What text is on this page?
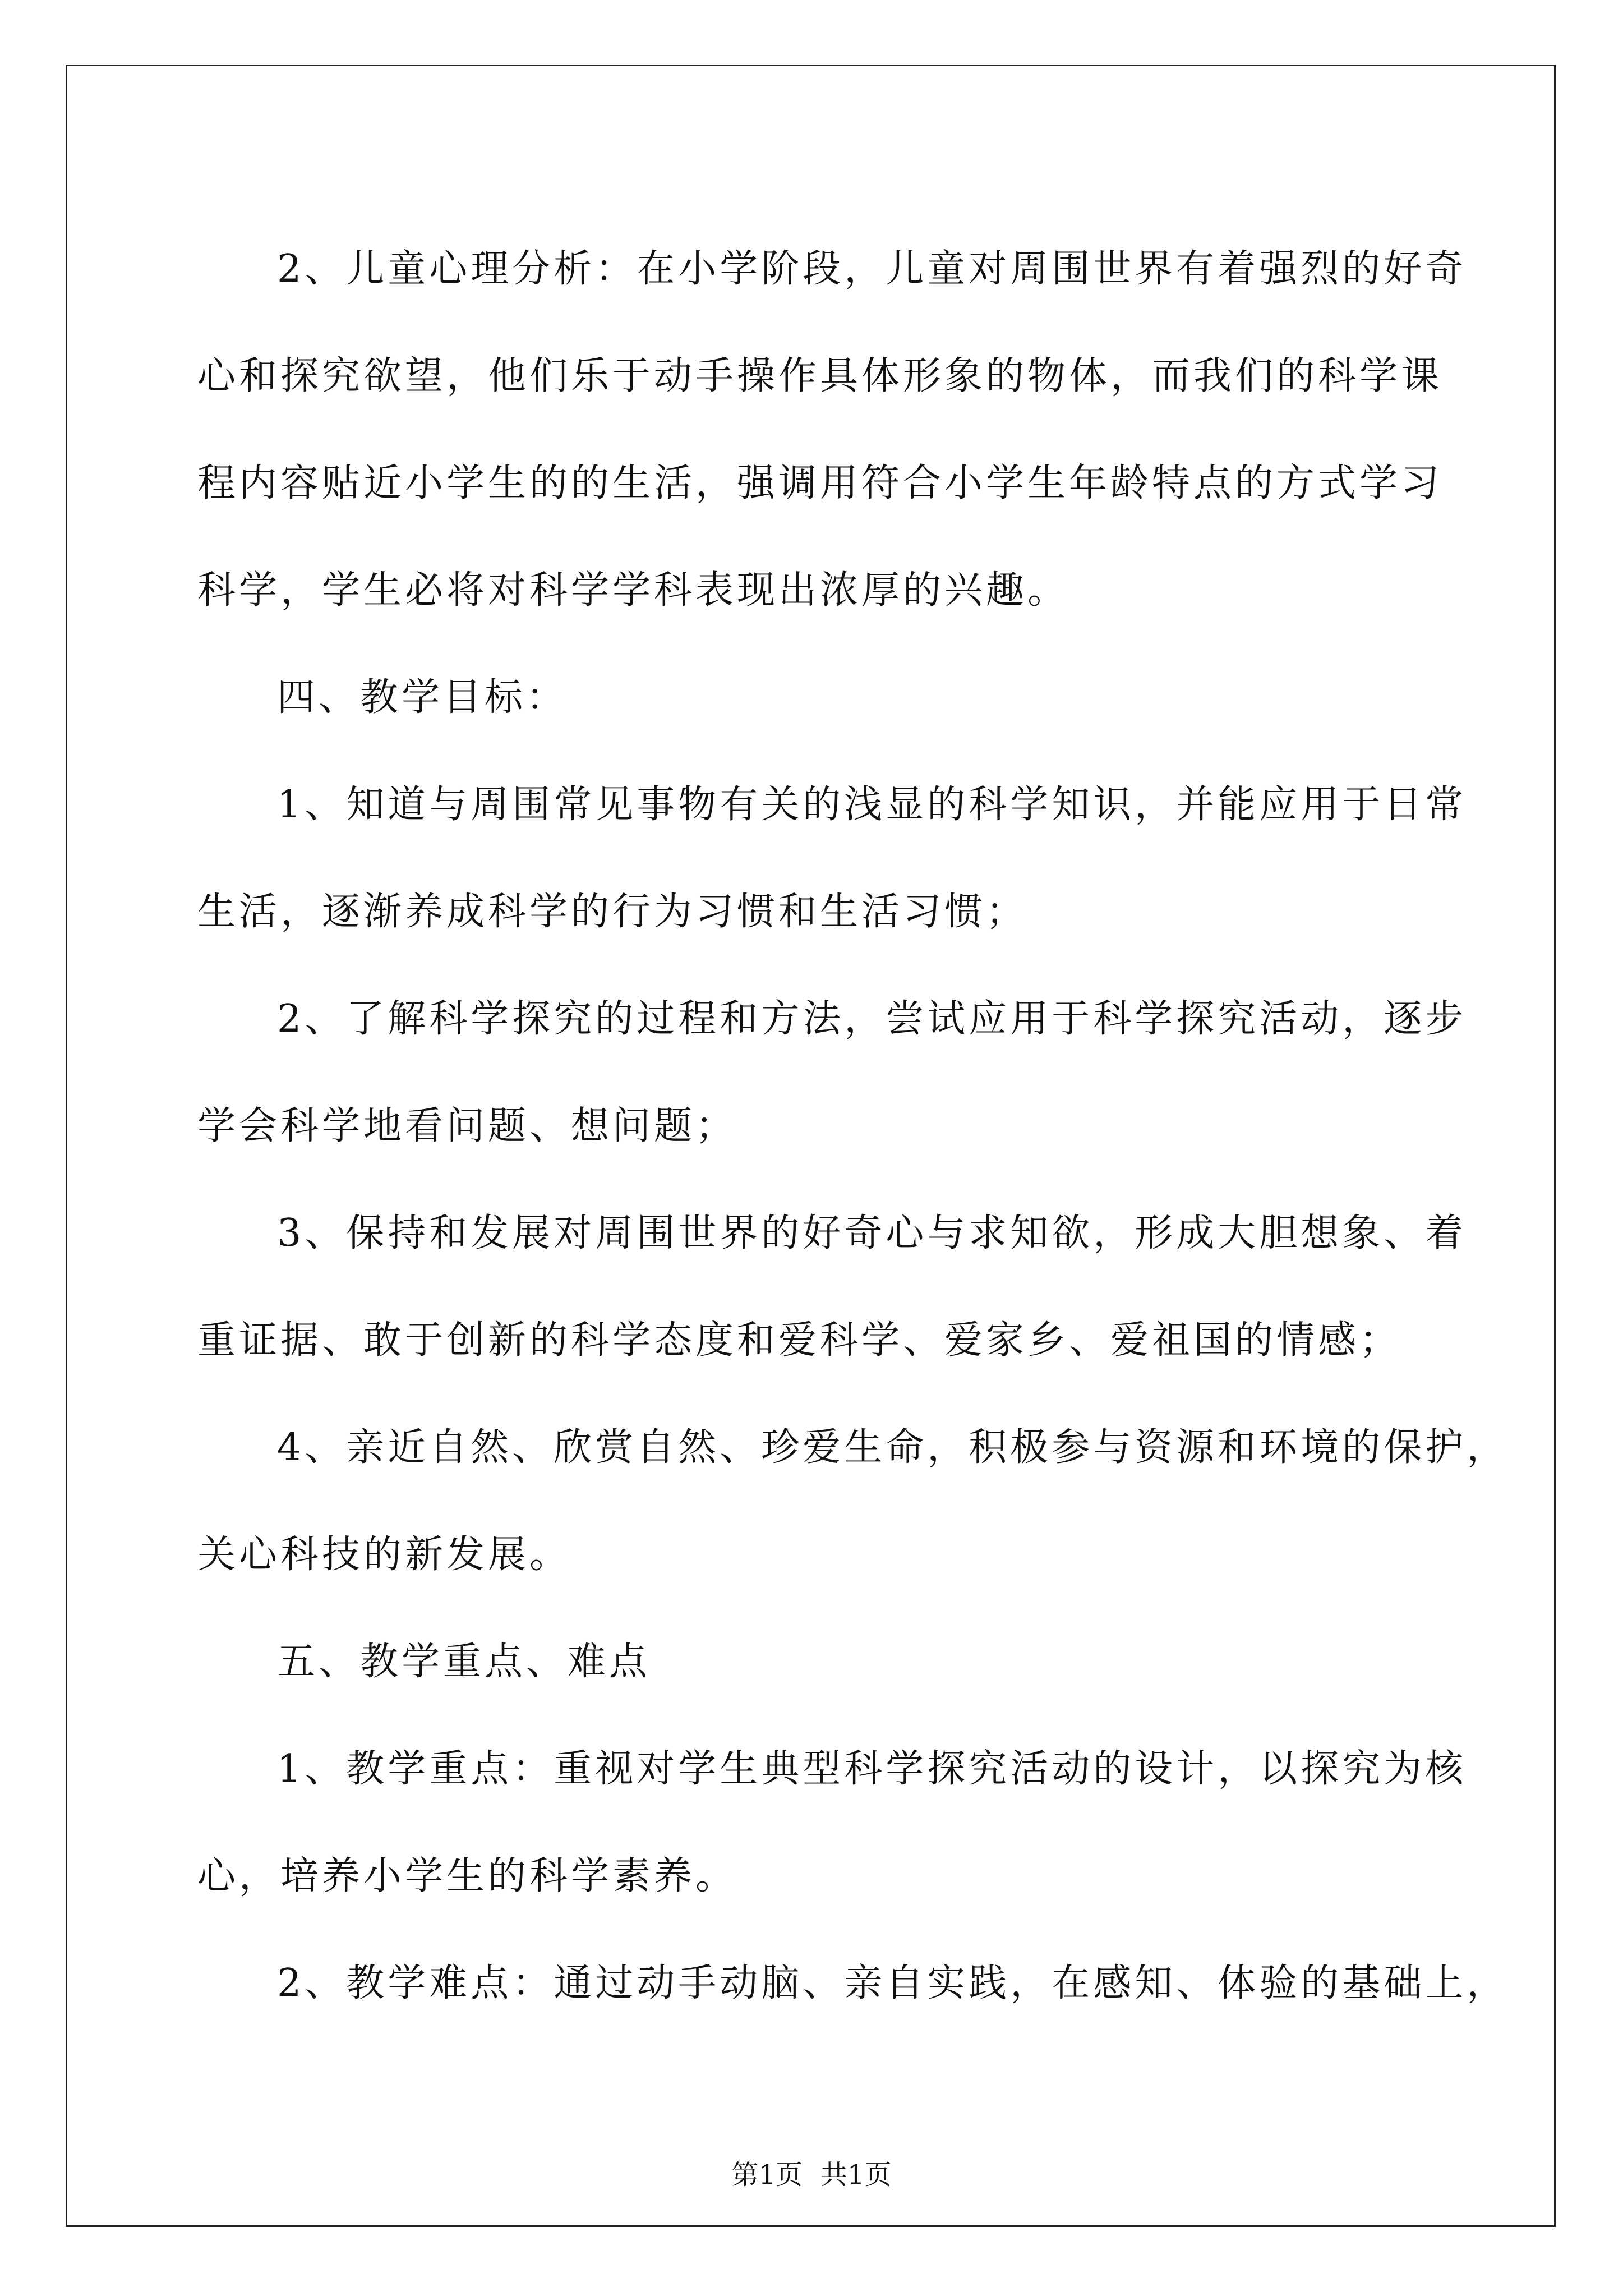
2、儿童心理分析：在小学阶段，儿童对周围世界有着强烈的好奇
心和探究欲望，他们乐于动手操作具体形象的物体，而我们的科学课
程内容贴近小学生的的生活，强调用符合小学生年龄特点的方式学习
科学，学生必将对科学学科表现出浓厚的兴趣。
四、教学目标：
1、知道与周围常见事物有关的浅显的科学知识，并能应用于日常
生活，逐渐养成科学的行为习惯和生活习惯；
2、了解科学探究的过程和方法，尝试应用于科学探究活动，逐步
学会科学地看问题、想问题；
3、保持和发展对周围世界的好奇心与求知欲，形成大胆想象、着
重证据、敢于创新的科学态度和爱科学、爱家乡、爱祖国的情感；
4、亲近自然、欣赏自然、珍爱生命，积极参与资源和环境的保护，
关心科技的新发展。
五、教学重点、难点
1、教学重点：重视对学生典型科学探究活动的设计，以探究为核
心，培养小学生的科学素养。
2、教学难点：通过动手动脑、亲自实践，在感知、体验的基础上，
第1页 共1页
